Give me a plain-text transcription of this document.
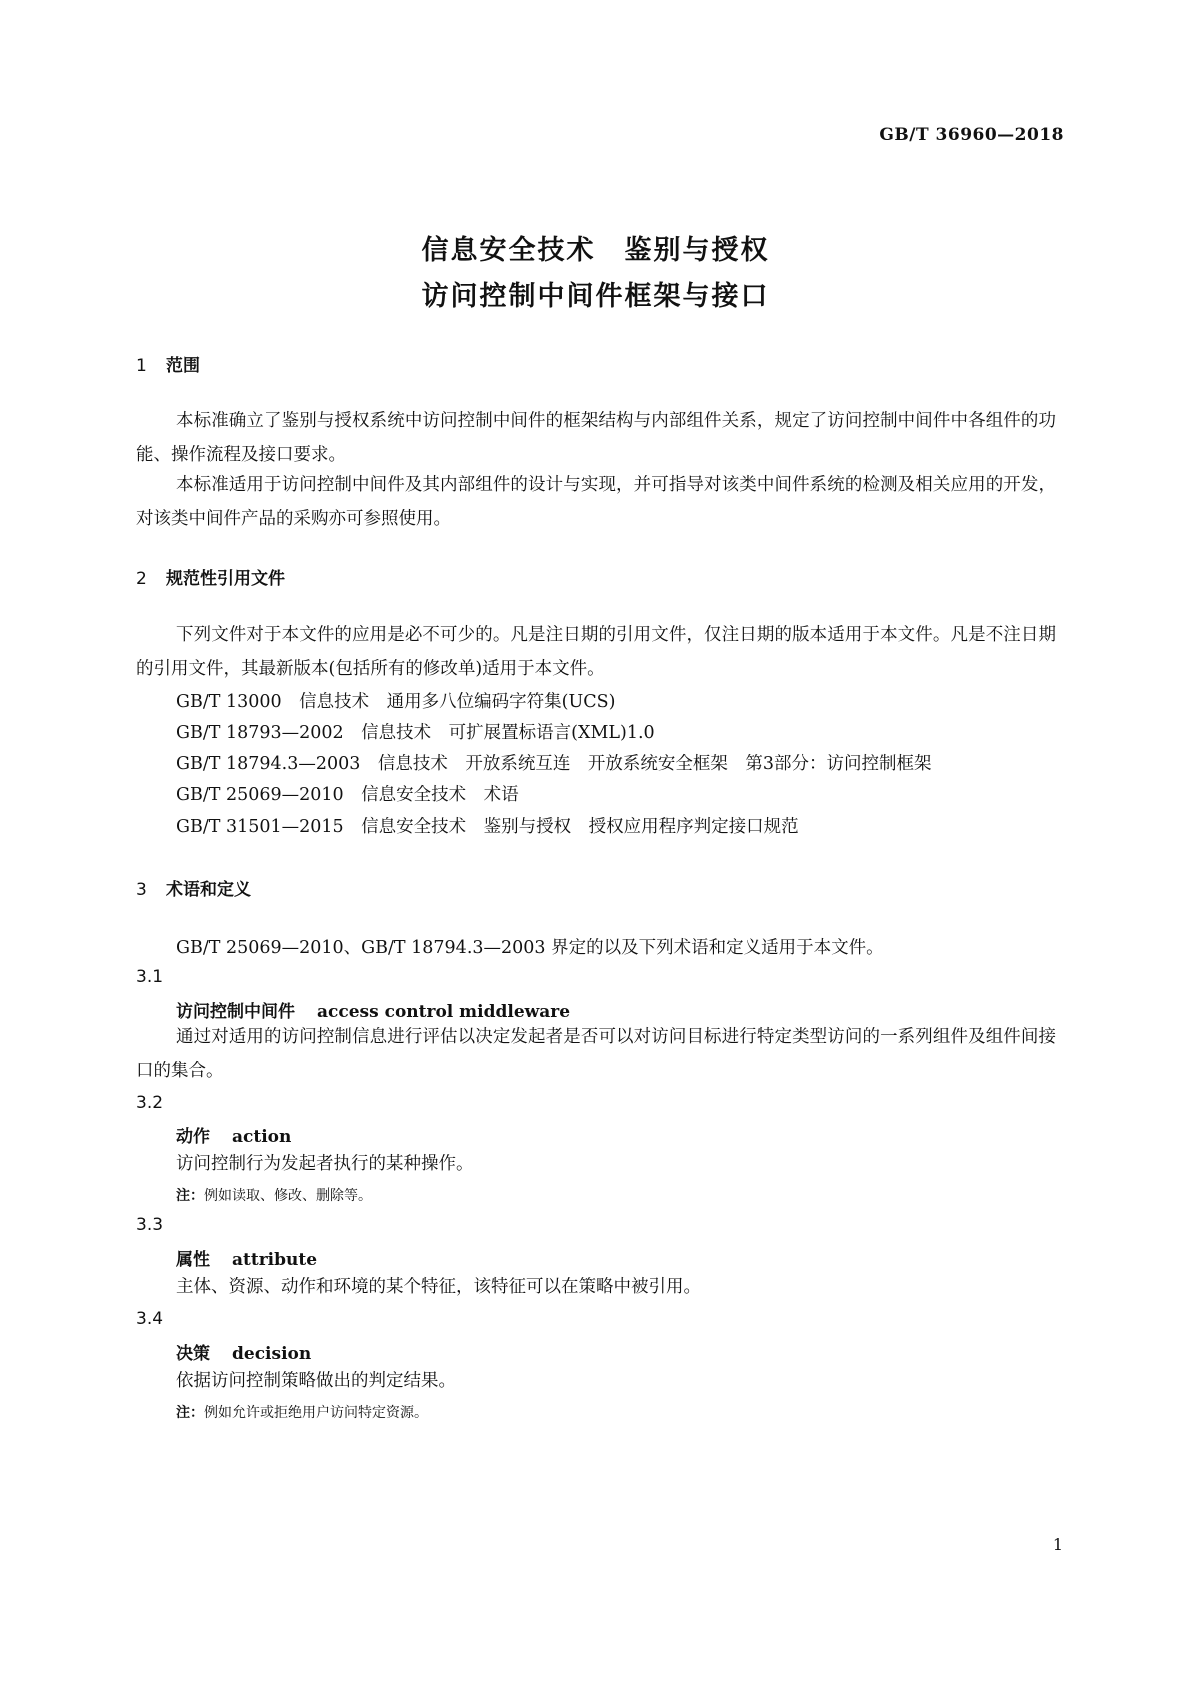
GB/T 36960—2018
信息安全技术　鉴别与授权
访问控制中间件框架与接口
1 范围
本标准确立了鉴别与授权系统中访问控制中间件的框架结构与内部组件关系，规定了访问控制中间件中各组件的功能、操作流程及接口要求。
本标准适用于访问控制中间件及其内部组件的设计与实现，并可指导对该类中间件系统的检测及相关应用的开发，对该类中间件产品的采购亦可参照使用。
2 规范性引用文件
下列文件对于本文件的应用是必不可少的。凡是注日期的引用文件，仅注日期的版本适用于本文件。凡是不注日期的引用文件，其最新版本(包括所有的修改单)适用于本文件。
GB/T 13000　信息技术　通用多八位编码字符集(UCS)
GB/T 18793—2002　信息技术　可扩展置标语言(XML)1.0
GB/T 18794.3—2003　信息技术　开放系统互连　开放系统安全框架　第3部分：访问控制框架
GB/T 25069—2010　信息安全技术　术语
GB/T 31501—2015　信息安全技术　鉴别与授权　授权应用程序判定接口规范
3 术语和定义
GB/T 25069—2010、GB/T 18794.3—2003 界定的以及下列术语和定义适用于本文件。
3.1
访问控制中间件 access control middleware
通过对适用的访问控制信息进行评估以决定发起者是否可以对访问目标进行特定类型访问的一系列组件及组件间接口的集合。
3.2
动作 action
访问控制行为发起者执行的某种操作。
注：例如读取、修改、删除等。
3.3
属性 attribute
主体、资源、动作和环境的某个特征，该特征可以在策略中被引用。
3.4
决策 decision
依据访问控制策略做出的判定结果。
注：例如允许或拒绝用户访问特定资源。
1
